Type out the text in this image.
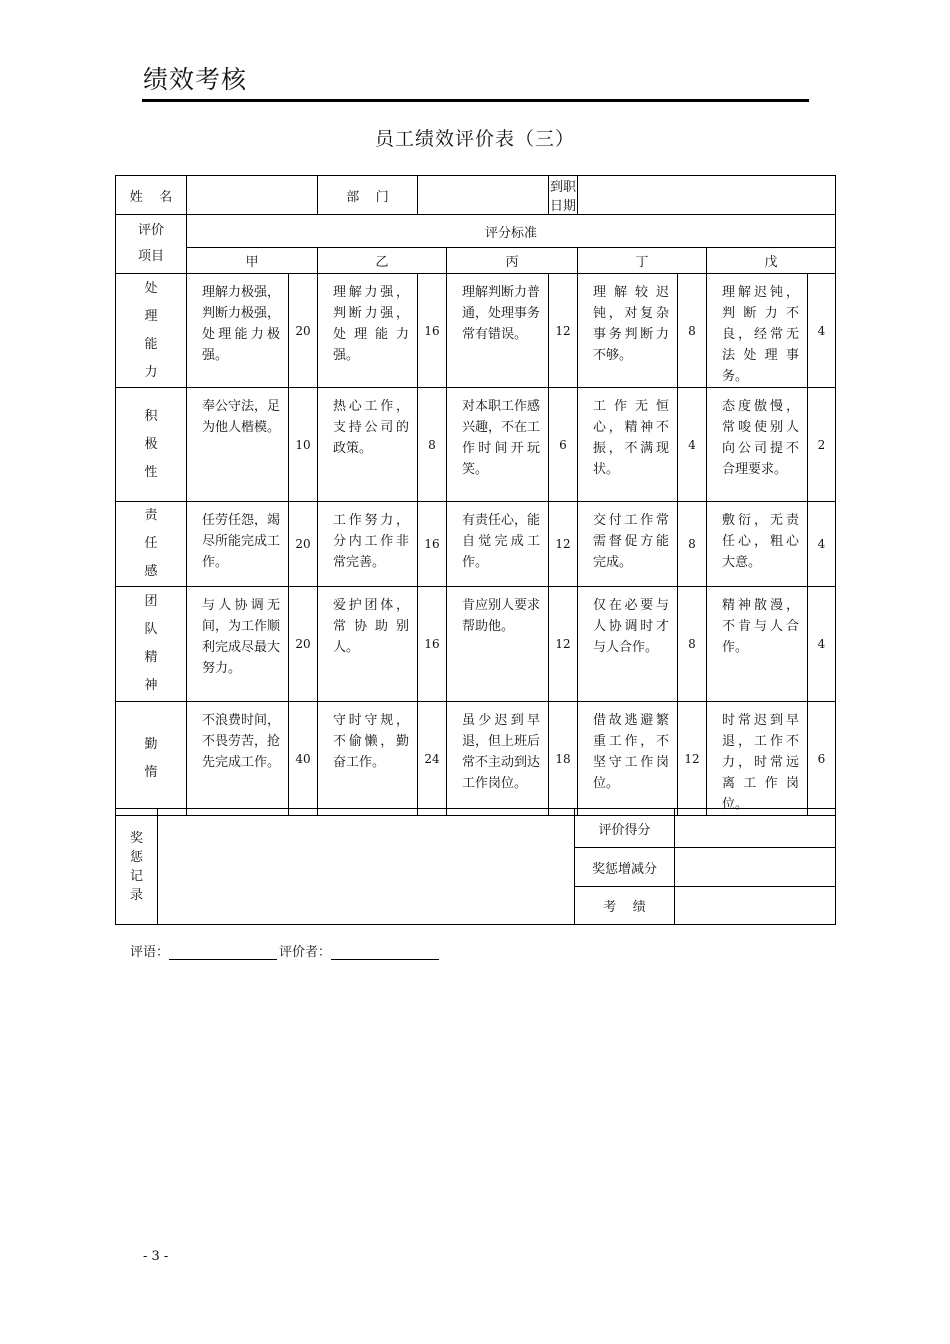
绩效考核
员工绩效评价表（三）
姓    名			部    门			到职日期				

评价
项目	评分标准									
	甲		乙		丙		丁		戊	
处理能力	理解力极强，判断力极强，处理能力极强。	20	理解力强，判断力强，处理能力强。	16	理解判断力普通，处理事务常有错误。	12	理解较迟钝，对复杂事务判断力不够。	8	理解迟钝，判断力不良，经常无法处理事务。	4
积极性	奉公守法，足为他人楷模。	10	热心工作，支持公司的政策。	8	对本职工作感兴趣，不在工作时间开玩笑。	6	工作无恒心，精神不振，不满现状。	4	态度傲慢，常唆使别人向公司提不合理要求。	2
责任感	任劳任怨，竭尽所能完成工作。	20	工作努力，分内工作非常完善。	16	有责任心，能自觉完成工作。	12	交付工作常需督促方能完成。	8	敷衍，无责任心，粗心大意。	4
团队精神	与人协调无间，为工作顺利完成尽最大努力。	20	爱护团体，常协助别人。	16	肯应别人要求帮助他。	12	仅在必要与人协调时才与人合作。	8	精神散漫，不肯与人合作。	4
勤惰	不浪费时间，不畏劳苦，抢先完成工作。	40	守时守规，不偷懒，勤奋工作。	24	虽少迟到早退，但上班后常不主动到达工作岗位。	18	借故逃避繁重工作，不坚守工作岗位。	12	时常迟到早退，工作不力，时常远离工作岗位。	6
奖惩记录		评价得分	
		奖惩增减分	
		考    绩	
评语：	评价者：
- 3 -
